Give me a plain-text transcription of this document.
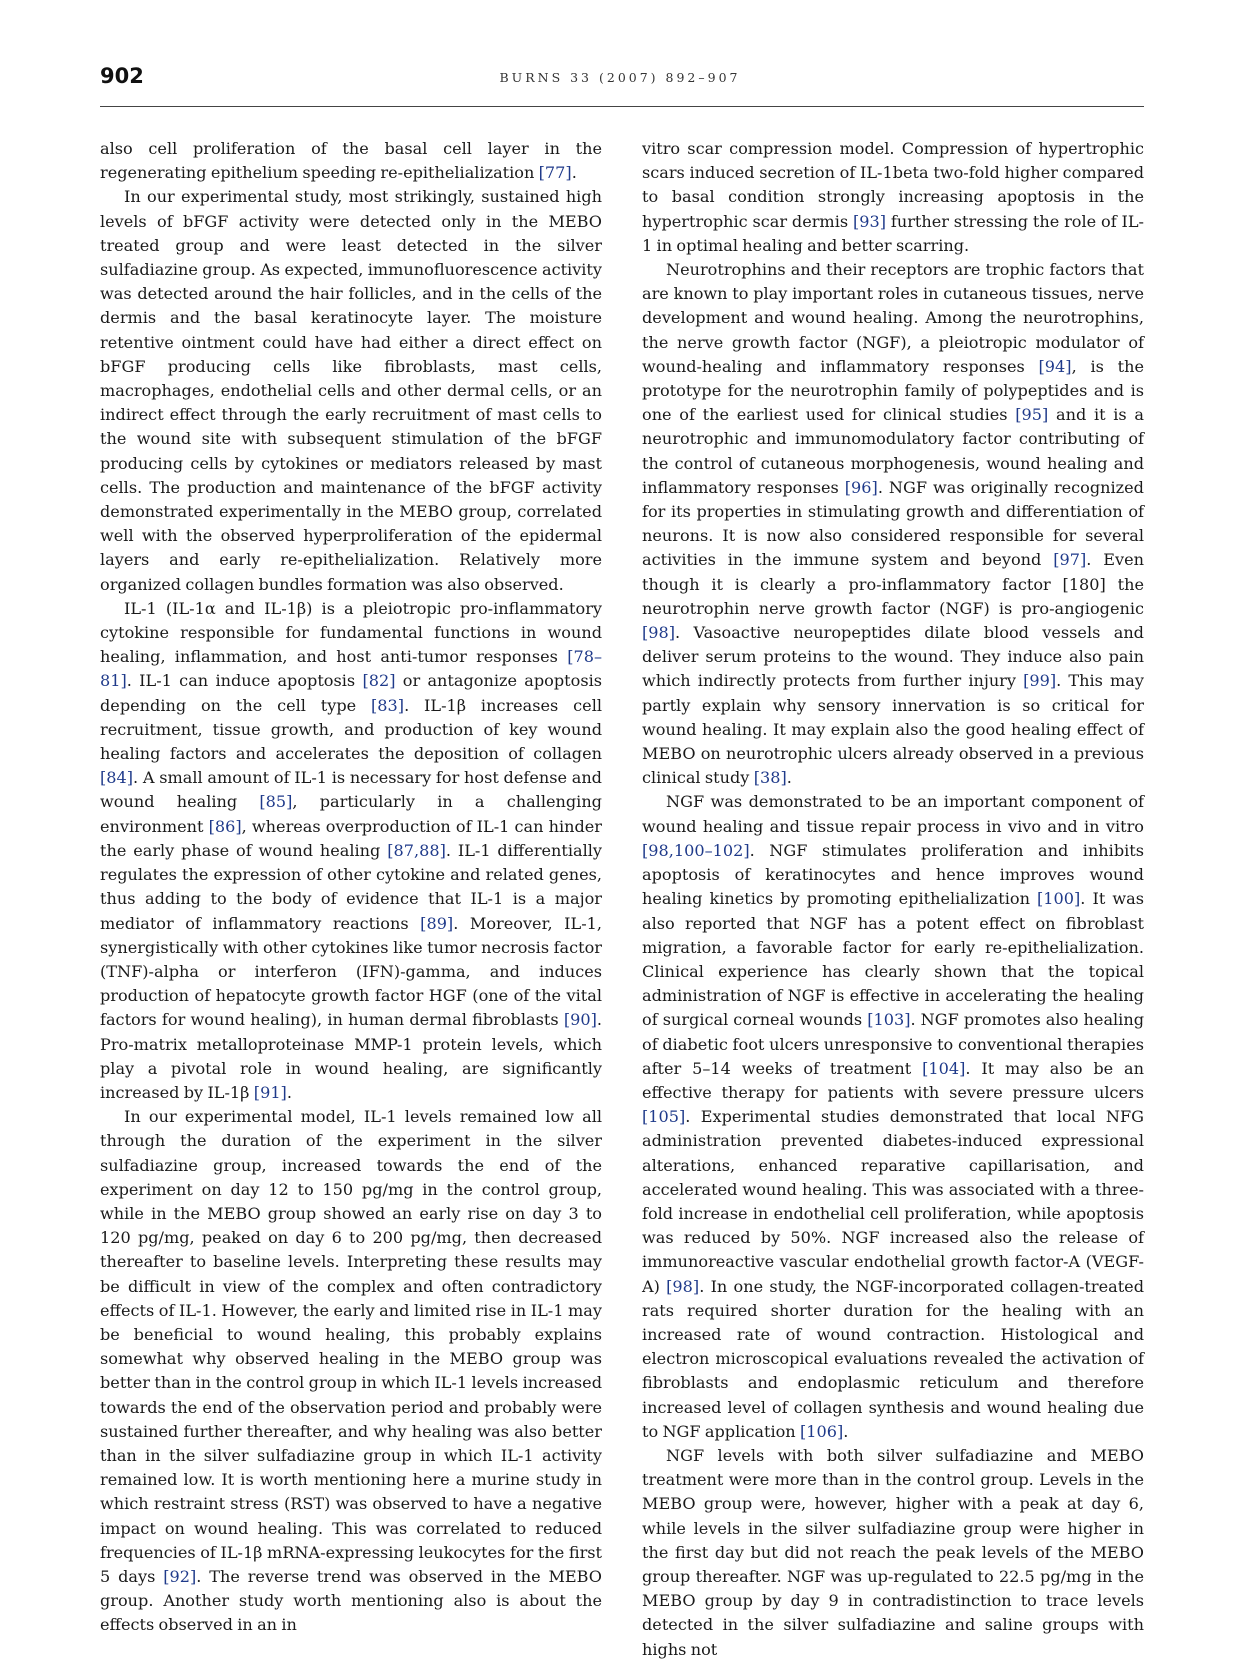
902	BURNS 33 (2007) 892–907

also cell proliferation of the basal cell layer in the regenerating epithelium speeding re-epithelialization [77].

In our experimental study, most strikingly, sustained high levels of bFGF activity were detected only in the MEBO treated group and were least detected in the silver sulfadiazine group. As expected, immunofluorescence activity was detected around the hair follicles, and in the cells of the dermis and the basal keratinocyte layer. The moisture retentive ointment could have had either a direct effect on bFGF producing cells like fibroblasts, mast cells, macrophages, endothelial cells and other dermal cells, or an indirect effect through the early recruitment of mast cells to the wound site with subsequent stimulation of the bFGF producing cells by cytokines or mediators released by mast cells. The production and maintenance of the bFGF activity demonstrated experimentally in the MEBO group, correlated well with the observed hyperproliferation of the epidermal layers and early re-epithelialization. Relatively more organized collagen bundles formation was also observed.

IL-1 (IL-1α and IL-1β) is a pleiotropic pro-inflammatory cytokine responsible for fundamental functions in wound healing, inflammation, and host anti-tumor responses [78–81]. IL-1 can induce apoptosis [82] or antagonize apoptosis depending on the cell type [83]. IL-1β increases cell recruitment, tissue growth, and production of key wound healing factors and accelerates the deposition of collagen [84]. A small amount of IL-1 is necessary for host defense and wound healing [85], particularly in a challenging environment [86], whereas overproduction of IL-1 can hinder the early phase of wound healing [87,88]. IL-1 differentially regulates the expression of other cytokine and related genes, thus adding to the body of evidence that IL-1 is a major mediator of inflammatory reactions [89]. Moreover, IL-1, synergistically with other cytokines like tumor necrosis factor (TNF)-alpha or interferon (IFN)-gamma, and induces production of hepatocyte growth factor HGF (one of the vital factors for wound healing), in human dermal fibroblasts [90]. Pro-matrix metalloproteinase MMP-1 protein levels, which play a pivotal role in wound healing, are significantly increased by IL-1β [91].

In our experimental model, IL-1 levels remained low all through the duration of the experiment in the silver sulfadiazine group, increased towards the end of the experiment on day 12 to 150 pg/mg in the control group, while in the MEBO group showed an early rise on day 3 to 120 pg/mg, peaked on day 6 to 200 pg/mg, then decreased thereafter to baseline levels. Interpreting these results may be difficult in view of the complex and often contradictory effects of IL-1. However, the early and limited rise in IL-1 may be beneficial to wound healing, this probably explains somewhat why observed healing in the MEBO group was better than in the control group in which IL-1 levels increased towards the end of the observation period and probably were sustained further thereafter, and why healing was also better than in the silver sulfadiazine group in which IL-1 activity remained low. It is worth mentioning here a murine study in which restraint stress (RST) was observed to have a negative impact on wound healing. This was correlated to reduced frequencies of IL-1β mRNA-expressing leukocytes for the first 5 days [92]. The reverse trend was observed in the MEBO group. Another study worth mentioning also is about the effects observed in an in

vitro scar compression model. Compression of hypertrophic scars induced secretion of IL-1beta two-fold higher compared to basal condition strongly increasing apoptosis in the hypertrophic scar dermis [93] further stressing the role of IL-1 in optimal healing and better scarring.

Neurotrophins and their receptors are trophic factors that are known to play important roles in cutaneous tissues, nerve development and wound healing. Among the neurotrophins, the nerve growth factor (NGF), a pleiotropic modulator of wound-healing and inflammatory responses [94], is the prototype for the neurotrophin family of polypeptides and is one of the earliest used for clinical studies [95] and it is a neurotrophic and immunomodulatory factor contributing of the control of cutaneous morphogenesis, wound healing and inflammatory responses [96]. NGF was originally recognized for its properties in stimulating growth and differentiation of neurons. It is now also considered responsible for several activities in the immune system and beyond [97]. Even though it is clearly a pro-inflammatory factor [180] the neurotrophin nerve growth factor (NGF) is pro-angiogenic [98]. Vasoactive neuropeptides dilate blood vessels and deliver serum proteins to the wound. They induce also pain which indirectly protects from further injury [99]. This may partly explain why sensory innervation is so critical for wound healing. It may explain also the good healing effect of MEBO on neurotrophic ulcers already observed in a previous clinical study [38].

NGF was demonstrated to be an important component of wound healing and tissue repair process in vivo and in vitro [98,100–102]. NGF stimulates proliferation and inhibits apoptosis of keratinocytes and hence improves wound healing kinetics by promoting epithelialization [100]. It was also reported that NGF has a potent effect on fibroblast migration, a favorable factor for early re-epithelialization. Clinical experience has clearly shown that the topical administration of NGF is effective in accelerating the healing of surgical corneal wounds [103]. NGF promotes also healing of diabetic foot ulcers unresponsive to conventional therapies after 5–14 weeks of treatment [104]. It may also be an effective therapy for patients with severe pressure ulcers [105]. Experimental studies demonstrated that local NFG administration prevented diabetes-induced expressional alterations, enhanced reparative capillarisation, and accelerated wound healing. This was associated with a three-fold increase in endothelial cell proliferation, while apoptosis was reduced by 50%. NGF increased also the release of immunoreactive vascular endothelial growth factor-A (VEGF-A) [98]. In one study, the NGF-incorporated collagen-treated rats required shorter duration for the healing with an increased rate of wound contraction. Histological and electron microscopical evaluations revealed the activation of fibroblasts and endoplasmic reticulum and therefore increased level of collagen synthesis and wound healing due to NGF application [106].

NGF levels with both silver sulfadiazine and MEBO treatment were more than in the control group. Levels in the MEBO group were, however, higher with a peak at day 6, while levels in the silver sulfadiazine group were higher in the first day but did not reach the peak levels of the MEBO group thereafter. NGF was up-regulated to 22.5 pg/mg in the MEBO group by day 9 in contradistinction to trace levels detected in the silver sulfadiazine and saline groups with highs not
